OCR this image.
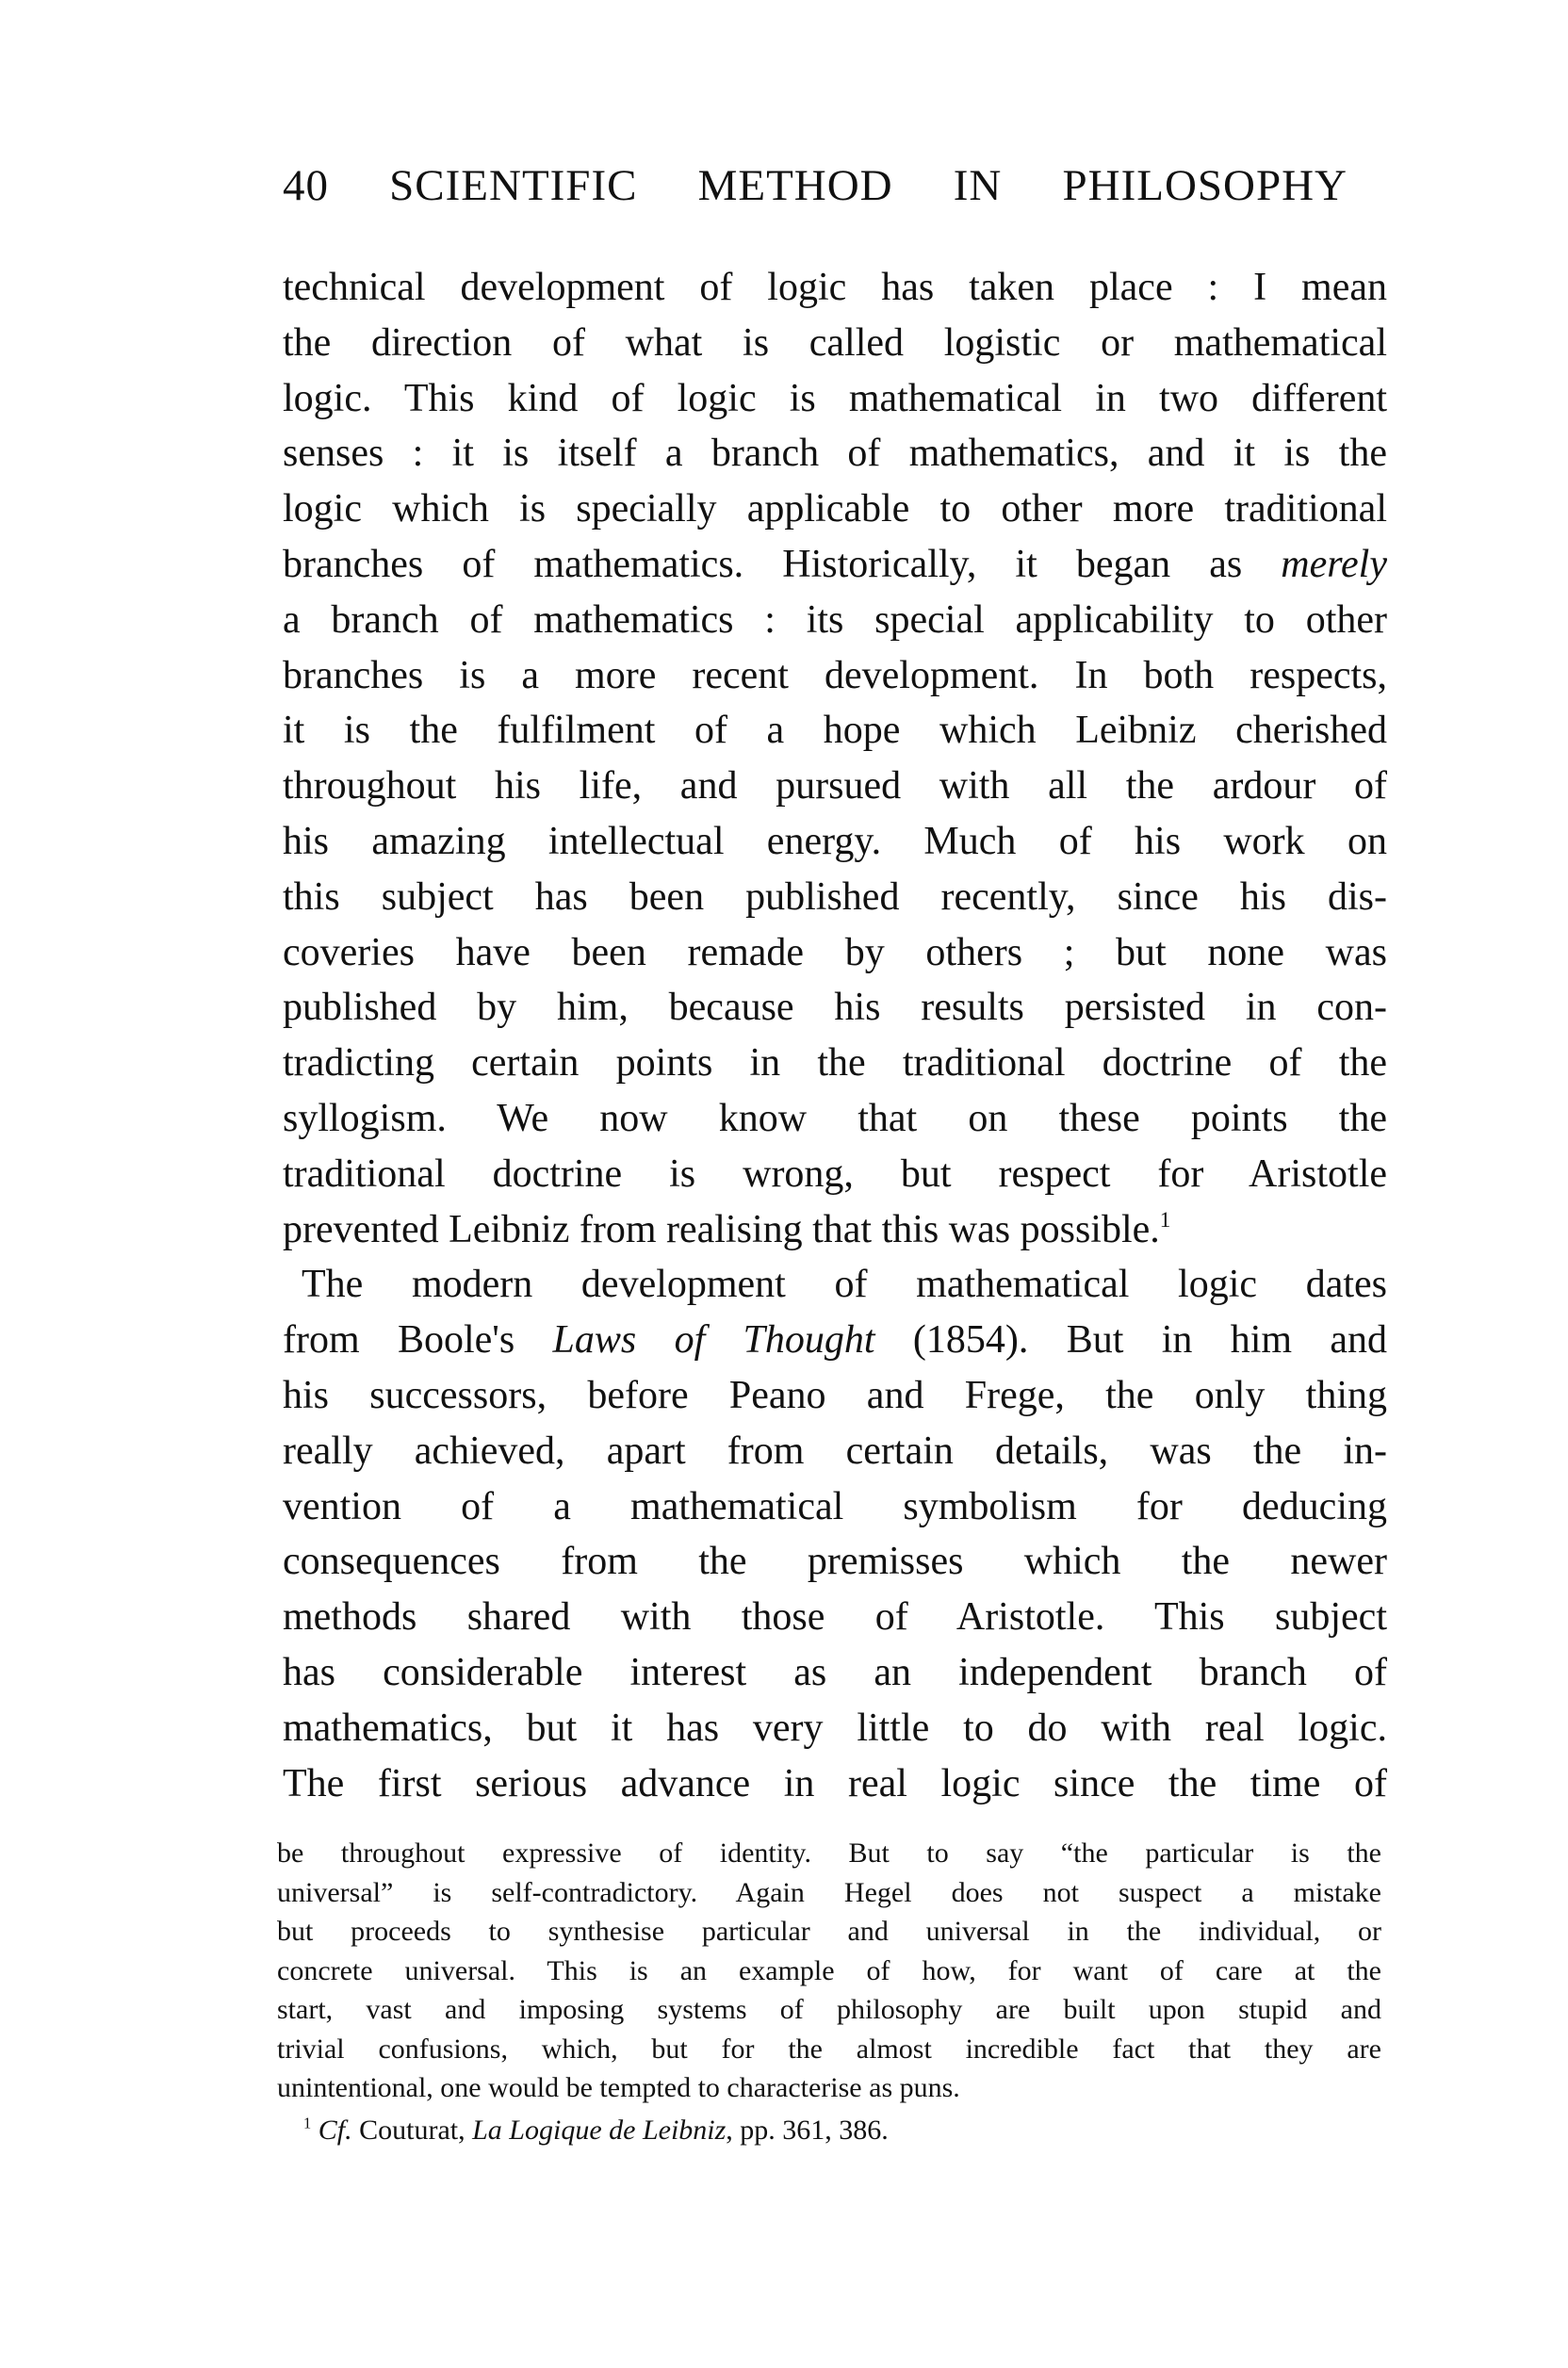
40 SCIENTIFIC METHOD IN PHILOSOPHY
technical development of logic has taken place : I mean
the direction of what is called logistic or mathematical
logic. This kind of logic is mathematical in two different
senses : it is itself a branch of mathematics, and it is the
logic which is specially applicable to other more traditional
branches of mathematics. Historically, it began as merely
a branch of mathematics : its special applicability to other
branches is a more recent development. In both respects,
it is the fulfilment of a hope which Leibniz cherished
throughout his life, and pursued with all the ardour of
his amazing intellectual energy. Much of his work on
this subject has been published recently, since his dis-
coveries have been remade by others ; but none was
published by him, because his results persisted in con-
tradicting certain points in the traditional doctrine of the
syllogism. We now know that on these points the
traditional doctrine is wrong, but respect for Aristotle
prevented Leibniz from realising that this was possible.$^1$
The modern development of mathematical logic dates
from Boole's Laws of Thought (1854). But in him and
his successors, before Peano and Frege, the only thing
really achieved, apart from certain details, was the in-
vention of a mathematical symbolism for deducing
consequences from the premisses which the newer
methods shared with those of Aristotle. This subject
has considerable interest as an independent branch of
mathematics, but it has very little to do with real logic.
The first serious advance in real logic since the time of
be throughout expressive of identity. But to say “the particular is the
universal” is self-contradictory. Again Hegel does not suspect a mistake
but proceeds to synthesise particular and universal in the individual, or
concrete universal. This is an example of how, for want of care at the
start, vast and imposing systems of philosophy are built upon stupid and
trivial confusions, which, but for the almost incredible fact that they are
unintentional, one would be tempted to characterise as puns.
$^1$ Cf. Couturat, La Logique de Leibniz, pp. 361, 386.
